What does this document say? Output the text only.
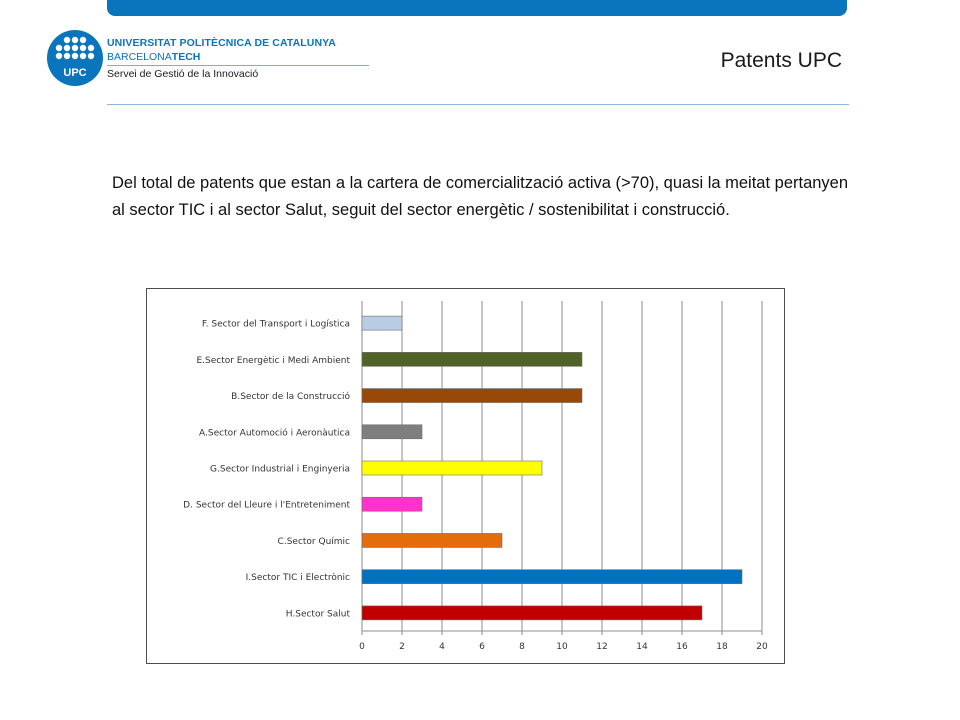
UPC
UNIVERSITAT POLITÈCNICA DE CATALUNYA
BARCELONATECH
Servei de Gestió de la Innovació
Patents UPC
Del total de patents que estan a la cartera de comercialització activa (>70), quasi la meitat pertanyen al sector TIC i al sector Salut, seguit del sector energètic / sostenibilitat i construcció.
F. Sector del Transport i Logística
E.Sector Energètic i Medi Ambient
B.Sector de la Construcció
A.Sector Automoció i Aeronàutica
G.Sector Industrial i Enginyeria
D. Sector del Lleure i l'Entreteniment
C.Sector Químic
I.Sector TIC i Electrònic
H.Sector Salut
0	2	4	6	8	10	12	14	16	18	20
